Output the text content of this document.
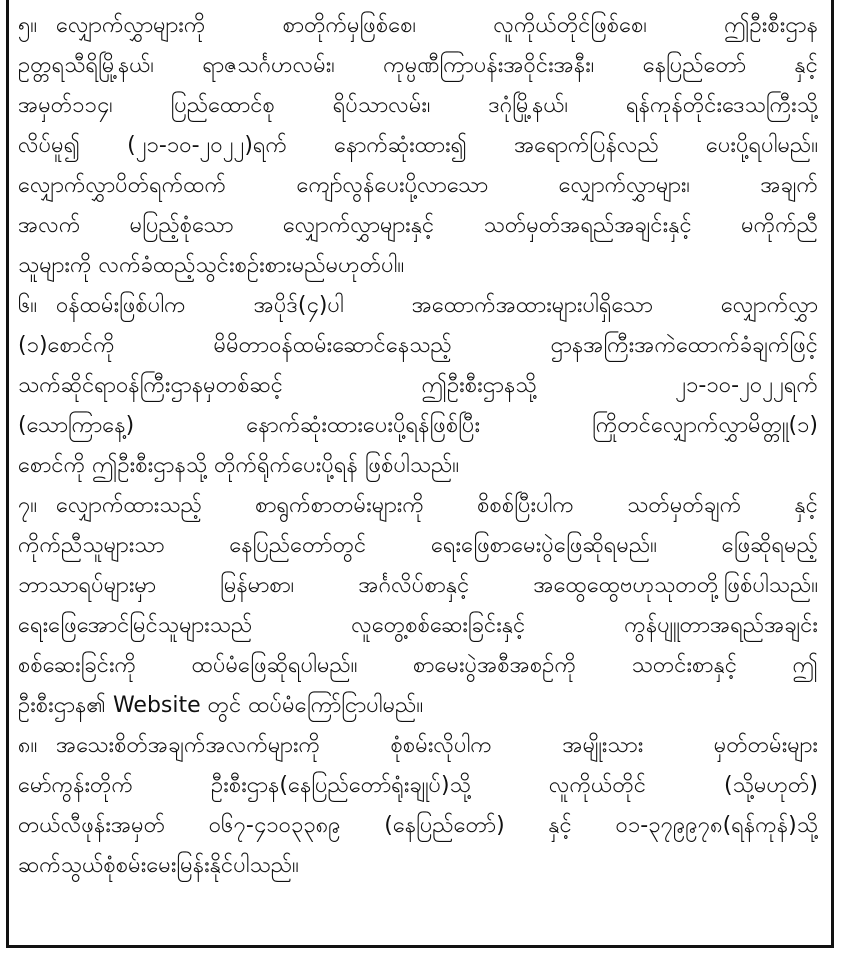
၅။ လျှောက်လွှာများကို စာတိုက်မှဖြစ်စေ၊ လူကိုယ်တိုင်ဖြစ်စေ၊ ဤဦးစီးဌာန
ဥတ္တရသီရိမြို့နယ်၊ ရာဇသင်္ဂဟလမ်း၊ ကုမ္ပဏီကြာပန်းအဝိုင်းအနီး၊ နေပြည်တော် နှင့်
အမှတ်၁၁၄၊ ပြည်ထောင်စု ရိပ်သာလမ်း၊ ဒဂုံမြို့နယ်၊ ရန်ကုန်တိုင်းဒေသကြီးသို့
လိပ်မူ၍ (၂၁-၁၀-၂၀၂၂)ရက် နောက်ဆုံးထား၍ အရောက်ပြန်လည် ပေးပို့ရပါမည်။
လျှောက်လွှာပိတ်ရက်ထက် ကျော်လွန်ပေးပို့လာသော လျှောက်လွှာများ၊ အချက်
အလက် မပြည့်စုံသော လျှောက်လွှာများနှင့် သတ်မှတ်အရည်အချင်းနှင့် မကိုက်ညီ
သူများကို လက်ခံထည့်သွင်းစဉ်းစားမည်မဟုတ်ပါ။
၆။ ဝန်ထမ်းဖြစ်ပါက အပိုဒ်(၄)ပါ အထောက်အထားများပါရှိသော လျှောက်လွှာ
(၁)စောင်ကို မိမိတာဝန်ထမ်းဆောင်နေသည့် ဌာနအကြီးအကဲထောက်ခံချက်ဖြင့်
သက်ဆိုင်ရာဝန်ကြီးဌာနမှတစ်ဆင့် ဤဦးစီးဌာနသို့ ၂၁-၁၀-၂၀၂၂ရက်
(သောကြာနေ့) နောက်ဆုံးထားပေးပို့ရန်ဖြစ်ပြီး ကြိုတင်လျှောက်လွှာမိတ္တူ(၁)
စောင်ကို ဤဦးစီးဌာနသို့ တိုက်ရိုက်ပေးပို့ရန် ဖြစ်ပါသည်။
၇။ လျှောက်ထားသည့် စာရွက်စာတမ်းများကို စိစစ်ပြီးပါက သတ်မှတ်ချက် နှင့်
ကိုက်ညီသူများသာ နေပြည်တော်တွင် ရေးဖြေစာမေးပွဲဖြေဆိုရမည်။ ဖြေဆိုရမည့်
ဘာသာရပ်များမှာ မြန်မာစာ၊ အင်္ဂလိပ်စာနှင့် အထွေထွေဗဟုသုတတို့ဖြစ်ပါသည်။
ရေးဖြေအောင်မြင်သူများသည် လူတွေ့စစ်ဆေးခြင်းနှင့် ကွန်ပျူတာအရည်အချင်း
စစ်ဆေးခြင်းကို ထပ်မံဖြေဆိုရပါမည်။ စာမေးပွဲအစီအစဉ်ကို သတင်းစာနှင့် ဤ
ဦးစီးဌာန၏ Website တွင် ထပ်မံကြော်ငြာပါမည်။
၈။ အသေးစိတ်အချက်အလက်များကို စုံစမ်းလိုပါက အမျိုးသား မှတ်တမ်းများ
မော်ကွန်းတိုက် ဦးစီးဌာန(နေပြည်တော်ရုံးချုပ်)သို့ လူကိုယ်တိုင် (သို့မဟုတ်)
တယ်လီဖုန်းအမှတ် ၀၆၇-၄၁၀၃၃၈၉ (နေပြည်တော်) နှင့် ၀၁-၃၇၉၉၇၈(ရန်ကုန်)သို့
ဆက်သွယ်စုံစမ်းမေးမြန်းနိုင်ပါသည်။
